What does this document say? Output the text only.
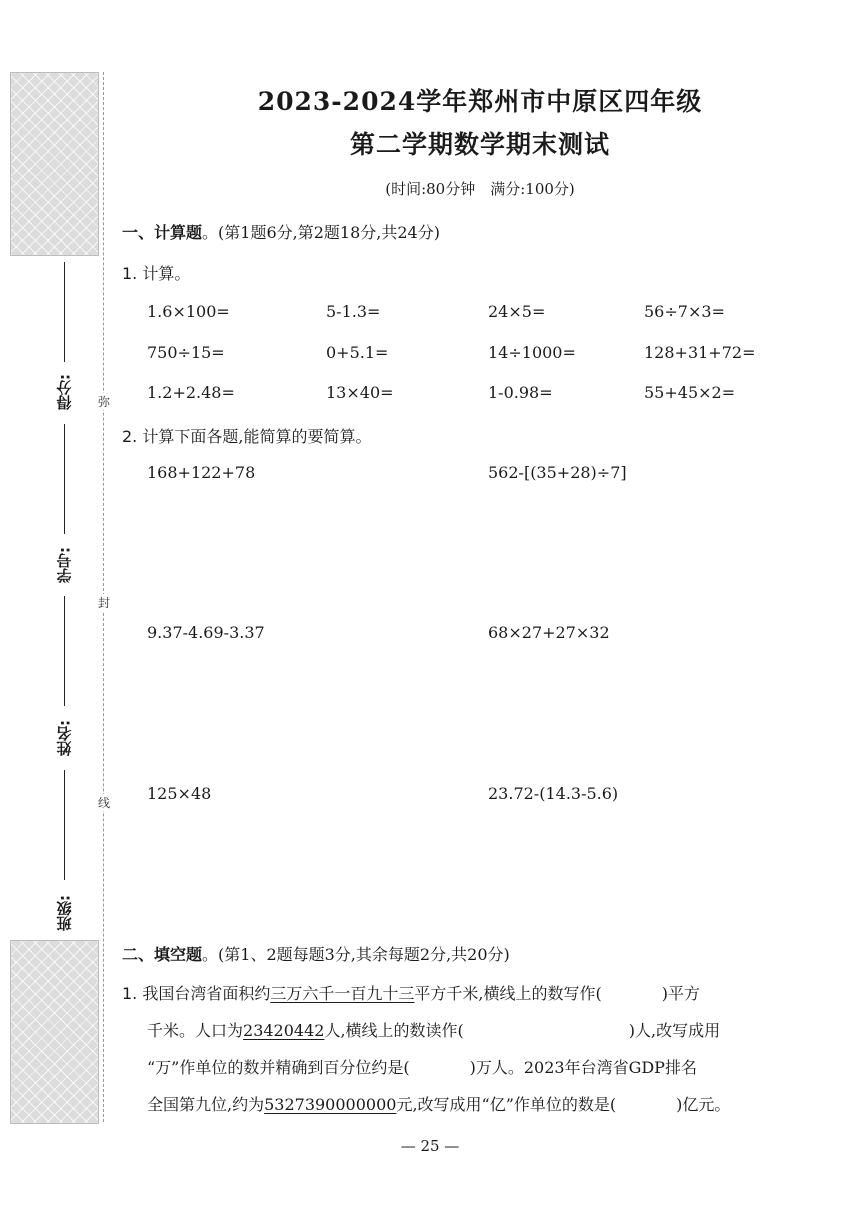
得分:
学号:
姓名:
班级:
弥
封
线
2023-2024学年郑州市中原区四年级
第二学期数学期末测试
(时间:80分钟　满分:100分)
一、计算题。(第1题6分,第2题18分,共24分)
1. 计算。
1.6×100=	5-1.3=	24×5=	56÷7×3=
750÷15=	0+5.1=	14÷1000=	128+31+72=
1.2+2.48=	13×40=	1-0.98=	55+45×2=
2. 计算下面各题,能简算的要简算。
168+122+78	562-[(35+28)÷7]
9.37-4.69-3.37	68×27+27×32
125×48	23.72-(14.3-5.6)
二、填空题。(第1、2题每题3分,其余每题2分,共20分)
1. 我国台湾省面积约三万六千一百九十三平方千米,横线上的数写作(	)平方
千米。人口为23420442人,横线上的数读作(	)人,改写成用
“万”作单位的数并精确到百分位约是(	)万人。2023年台湾省GDP排名
全国第九位,约为5327390000000元,改写成用“亿”作单位的数是(	)亿元。
— 25 —
